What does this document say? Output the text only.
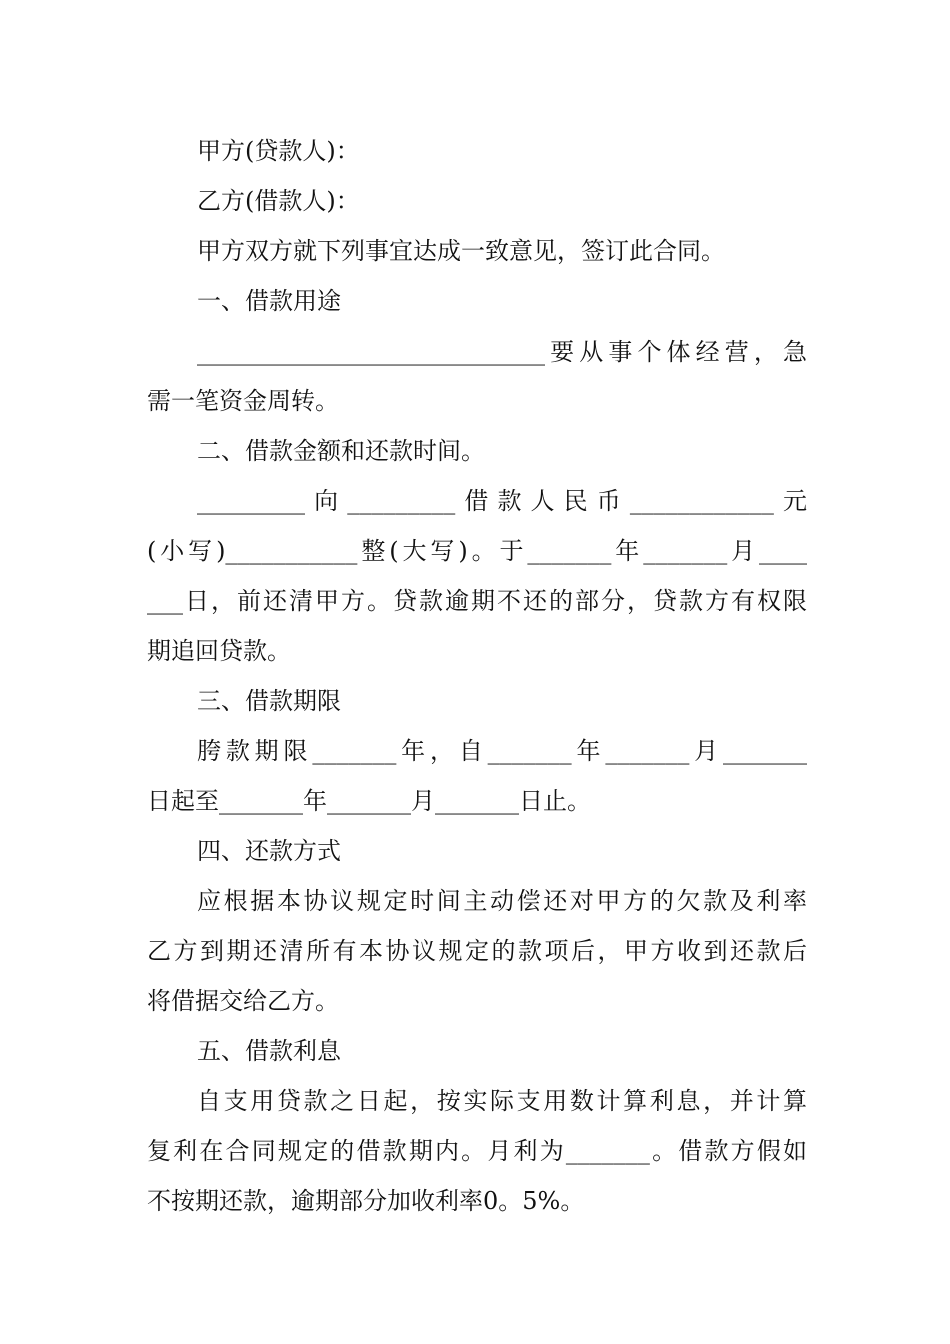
甲方(贷款人)：
乙方(借款人)：
甲方双方就下列事宜达成一致意见，签订此合同。
一、借款用途
_____________________________要从事个体经营，急
需一笔资金周转。
二、借款金额和还款时间。
_________向_________借款人民币____________元
(小写)___________整(大写)。于_______年_______月____
___日，前还清甲方。贷款逾期不还的部分，贷款方有权限
期追回贷款。
三、借款期限
胯款期限_______年，自_______年_______月_______
日起至_______年_______月_______日止。
四、还款方式
应根据本协议规定时间主动偿还对甲方的欠款及利率
乙方到期还清所有本协议规定的款项后，甲方收到还款后
将借据交给乙方。
五、借款利息
自支用贷款之日起，按实际支用数计算利息，并计算
复利在合同规定的借款期内。月利为_______。借款方假如
不按期还款，逾期部分加收利率0。5%。
